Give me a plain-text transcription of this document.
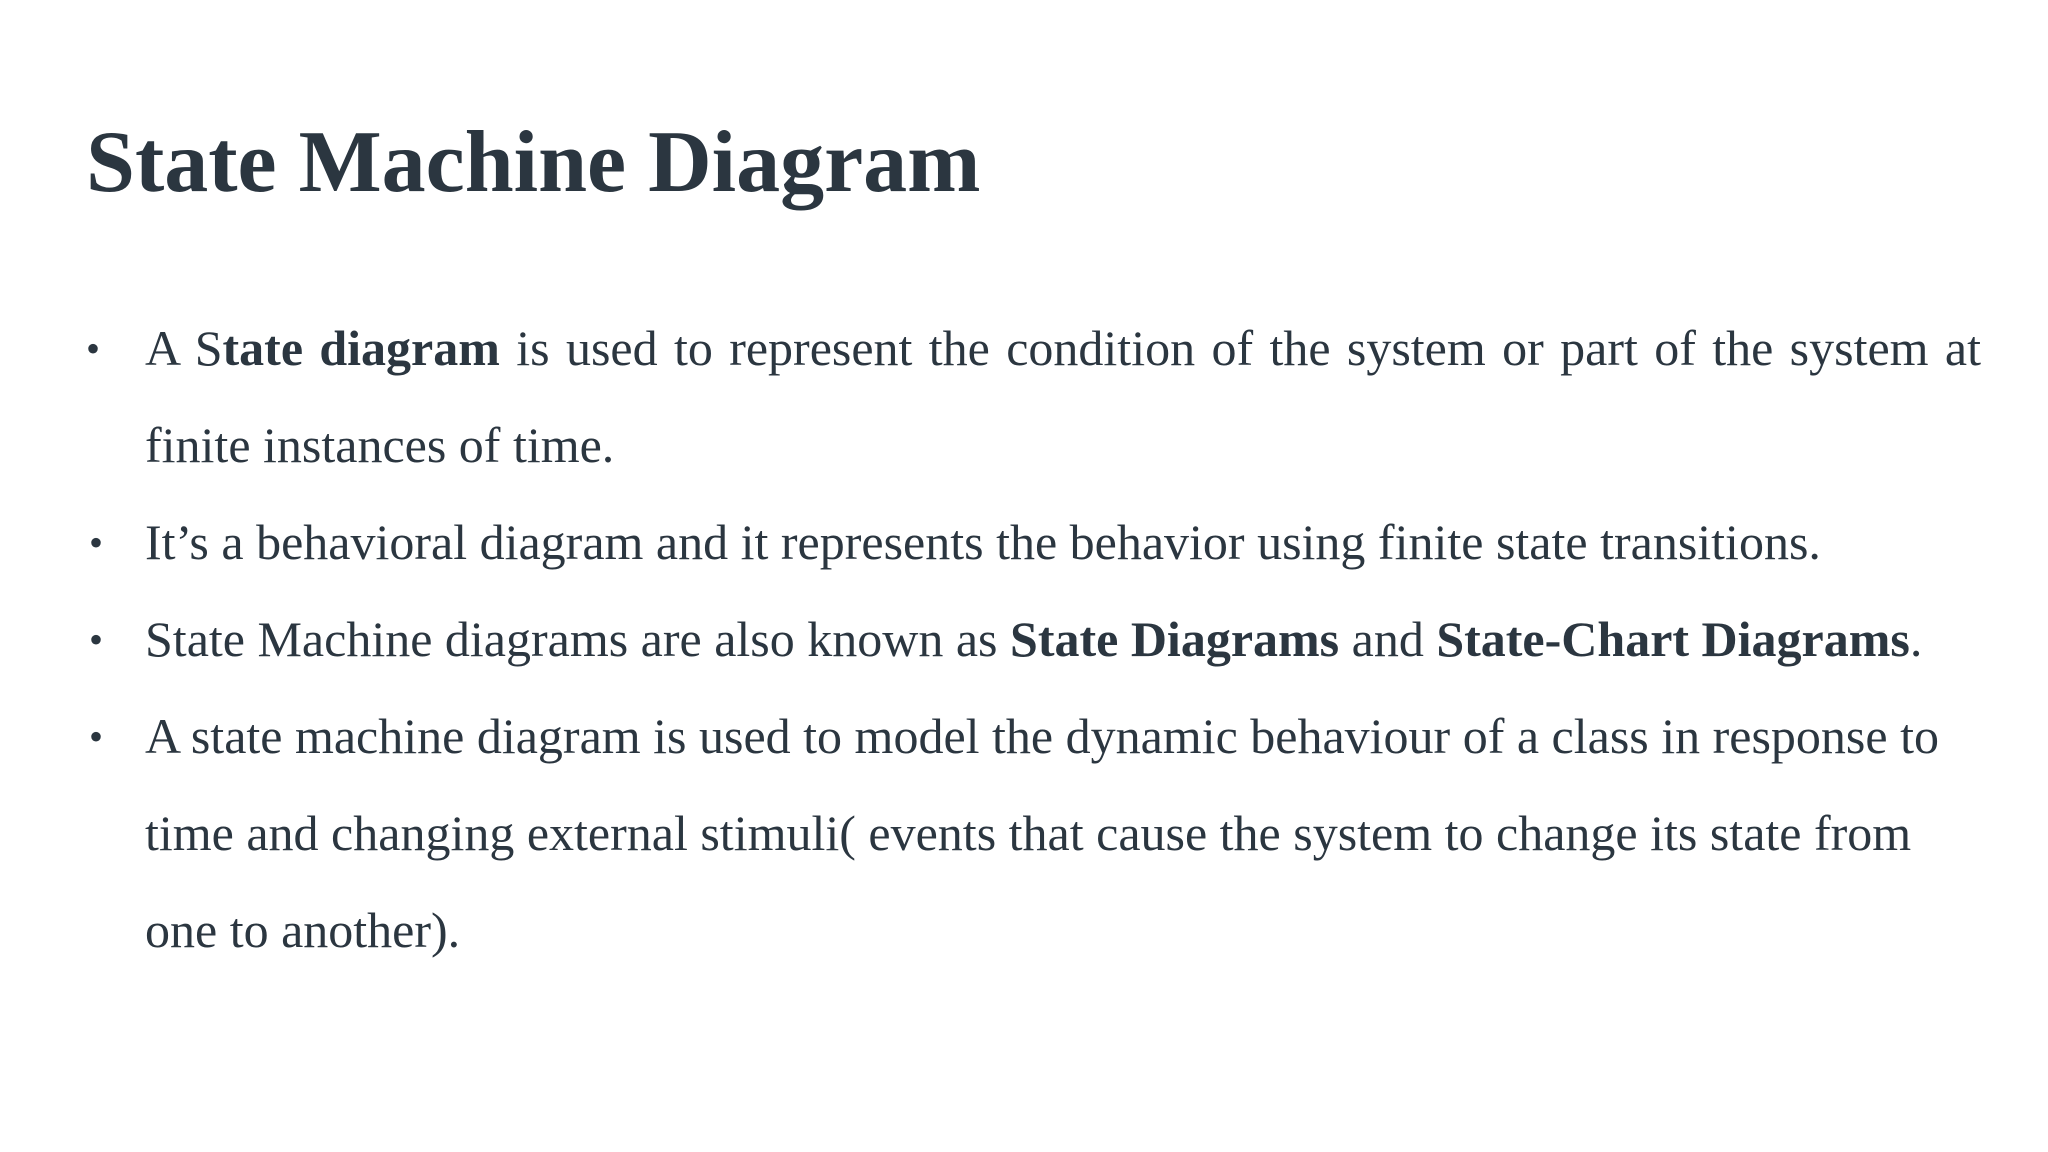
State Machine Diagram
• A State diagram is used to represent the condition of the system or part of the system at finite instances of time.
• It’s a behavioral diagram and it represents the behavior using finite state transitions.
• State Machine diagrams are also known as State Diagrams and State-Chart Diagrams.
• A state machine diagram is used to model the dynamic behaviour of a class in response to time and changing external stimuli( events that cause the system to change its state from one to another).
